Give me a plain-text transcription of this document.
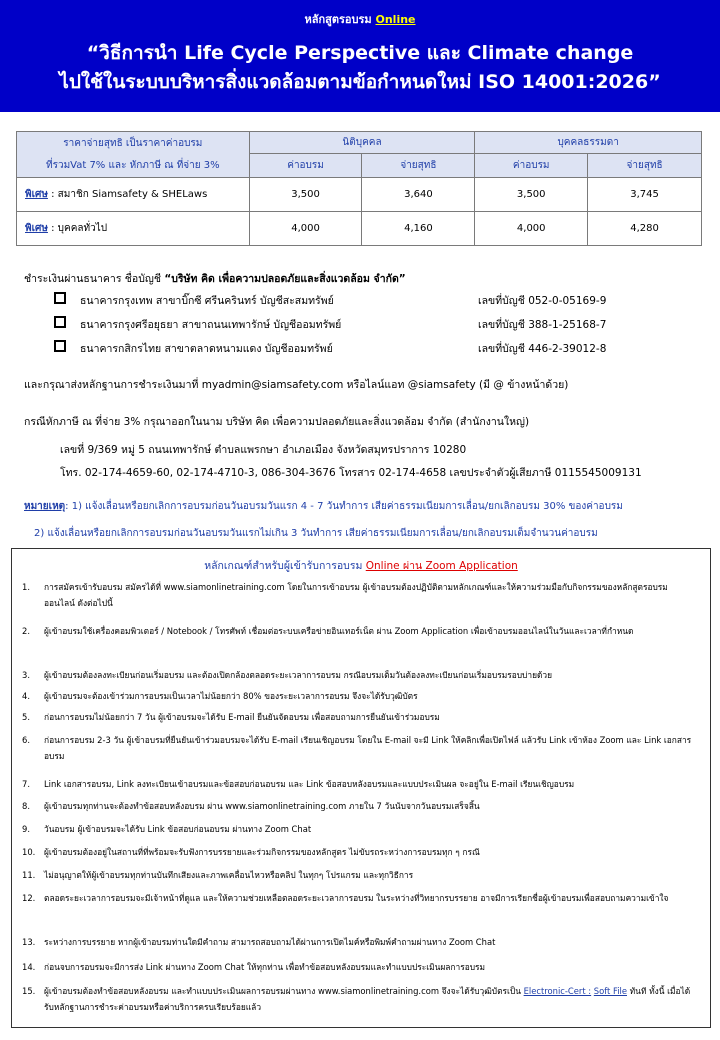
หลักสูตรอบรม Online
“วิธีการนำ Life Cycle Perspective และ Climate change
ไปใช้ในระบบบริหารสิ่งแวดล้อมตามข้อกำหนดใหม่ ISO 14001:2026”
ราคาจ่ายสุทธิ เป็นราคาค่าอบรม
ที่รวมVat 7% และ หักภาษี ณ ที่จ่าย 3%	นิติบุคคล		บุคคลธรรมดา	
	ค่าอบรม	จ่ายสุทธิ	ค่าอบรม	จ่ายสุทธิ
พิเศษ : สมาชิก Siamsafety & SHELaws	3,500	3,640	3,500	3,745
พิเศษ : บุคคลทั่วไป	4,000	4,160	4,000	4,280
ชำระเงินผ่านธนาคาร ชื่อบัญชี “บริษัท คิด เพื่อความปลอดภัยและสิ่งแวดล้อม จำกัด”
ธนาคารกรุงเทพ สาขาบิ๊กซี ศรีนครินทร์ บัญชีสะสมทรัพย์	เลขที่บัญชี 052-0-05169-9
ธนาคารกรุงศรีอยุธยา สาขาถนนเทพารักษ์ บัญชีออมทรัพย์	เลขที่บัญชี 388-1-25168-7
ธนาคารกสิกรไทย สาขาตลาดหนามแดง บัญชีออมทรัพย์	เลขที่บัญชี 446-2-39012-8
และกรุณาส่งหลักฐานการชำระเงินมาที่ myadmin@siamsafety.com หรือไลน์แอท @siamsafety (มี @ ข้างหน้าด้วย)
กรณีหักภาษี ณ ที่จ่าย 3% กรุณาออกในนาม บริษัท คิด เพื่อความปลอดภัยและสิ่งแวดล้อม จำกัด (สำนักงานใหญ่)
เลขที่ 9/369 หมู่ 5 ถนนเทพารักษ์ ตำบลแพรกษา อำเภอเมือง จังหวัดสมุทรปราการ 10280
โทร. 02-174-4659-60, 02-174-4710-3, 086-304-3676 โทรสาร 02-174-4658 เลขประจำตัวผู้เสียภาษี 0115545009131
หมายเหตุ: 1) แจ้งเลื่อนหรือยกเลิกการอบรมก่อนวันอบรมวันแรก 4 - 7 วันทำการ เสียค่าธรรมเนียมการเลื่อน/ยกเลิกอบรม 30% ของค่าอบรม
2) แจ้งเลื่อนหรือยกเลิกการอบรมก่อนวันอบรมวันแรกไม่เกิน 3 วันทำการ เสียค่าธรรมเนียมการเลื่อน/ยกเลิกอบรมเต็มจำนวนค่าอบรม
หลักเกณฑ์สำหรับผู้เข้ารับการอบรม Online ผ่าน Zoom Application
1.	การสมัครเข้ารับอบรม สมัครได้ที่ www.siamonlinetraining.com โดยในการเข้าอบรม ผู้เข้าอบรมต้องปฏิบัติตามหลักเกณฑ์และให้ความร่วมมือกับกิจกรรมของหลักสูตรอบรมออนไลน์ ดังต่อไปนี้
2.	ผู้เข้าอบรมใช้เครื่องคอมพิวเตอร์ / Notebook / โทรศัพท์ เชื่อมต่อระบบเครือข่ายอินเทอร์เน็ต ผ่าน Zoom Application เพื่อเข้าอบรมออนไลน์ในวันและเวลาที่กำหนด
3.	ผู้เข้าอบรมต้องลงทะเบียนก่อนเริ่มอบรม และต้องเปิดกล้องตลอดระยะเวลาการอบรม กรณีอบรมเต็มวันต้องลงทะเบียนก่อนเริ่มอบรมรอบบ่ายด้วย
4.	ผู้เข้าอบรมจะต้องเข้าร่วมการอบรมเป็นเวลาไม่น้อยกว่า 80% ของระยะเวลาการอบรม จึงจะได้รับวุฒิบัตร
5.	ก่อนการอบรมไม่น้อยกว่า 7 วัน ผู้เข้าอบรมจะได้รับ E-mail ยืนยันจัดอบรม เพื่อสอบถามการยืนยันเข้าร่วมอบรม
6.	ก่อนการอบรม 2-3 วัน ผู้เข้าอบรมที่ยืนยันเข้าร่วมอบรมจะได้รับ E-mail เรียนเชิญอบรม โดยใน E-mail จะมี Link ให้คลิกเพื่อเปิดไฟล์ แล้วรับ Link เข้าห้อง Zoom และ Link เอกสารอบรม
7.	Link เอกสารอบรม, Link ลงทะเบียนเข้าอบรมและข้อสอบก่อนอบรม และ Link ข้อสอบหลังอบรมและแบบประเมินผล จะอยู่ใน E-mail เรียนเชิญอบรม
8.	ผู้เข้าอบรมทุกท่านจะต้องทำข้อสอบหลังอบรม ผ่าน www.siamonlinetraining.com ภายใน 7 วันนับจากวันอบรมเสร็จสิ้น
9.	วันอบรม ผู้เข้าอบรมจะได้รับ Link ข้อสอบก่อนอบรม ผ่านทาง Zoom Chat
10.	ผู้เข้าอบรมต้องอยู่ในสถานที่ที่พร้อมจะรับฟังการบรรยายและร่วมกิจกรรมของหลักสูตร ไม่ขับรถระหว่างการอบรมทุก ๆ กรณี
11.	ไม่อนุญาตให้ผู้เข้าอบรมทุกท่านบันทึกเสียงและภาพเคลื่อนไหวหรือคลิป ในทุกๆ โปรแกรม และทุกวิธีการ
12.	ตลอดระยะเวลาการอบรมจะมีเจ้าหน้าที่ดูแล และให้ความช่วยเหลือตลอดระยะเวลาการอบรม ในระหว่างที่วิทยากรบรรยาย อาจมีการเรียกชื่อผู้เข้าอบรมเพื่อสอบถามความเข้าใจ
13.	ระหว่างการบรรยาย หากผู้เข้าอบรมท่านใดมีคำถาม สามารถสอบถามได้ผ่านการเปิดไมค์หรือพิมพ์คำถามผ่านทาง Zoom Chat
14.	ก่อนจบการอบรมจะมีการส่ง Link ผ่านทาง Zoom Chat ให้ทุกท่าน เพื่อทำข้อสอบหลังอบรมและทำแบบประเมินผลการอบรม
15.	ผู้เข้าอบรมต้องทำข้อสอบหลังอบรม และทำแบบประเมินผลการอบรมผ่านทาง www.siamonlinetraining.com จึงจะได้รับวุฒิบัตรเป็น Electronic-Cert : Soft File ทันที ทั้งนี้ เมื่อได้รับหลักฐานการชำระค่าอบรมหรือค่าบริการครบเรียบร้อยแล้ว
